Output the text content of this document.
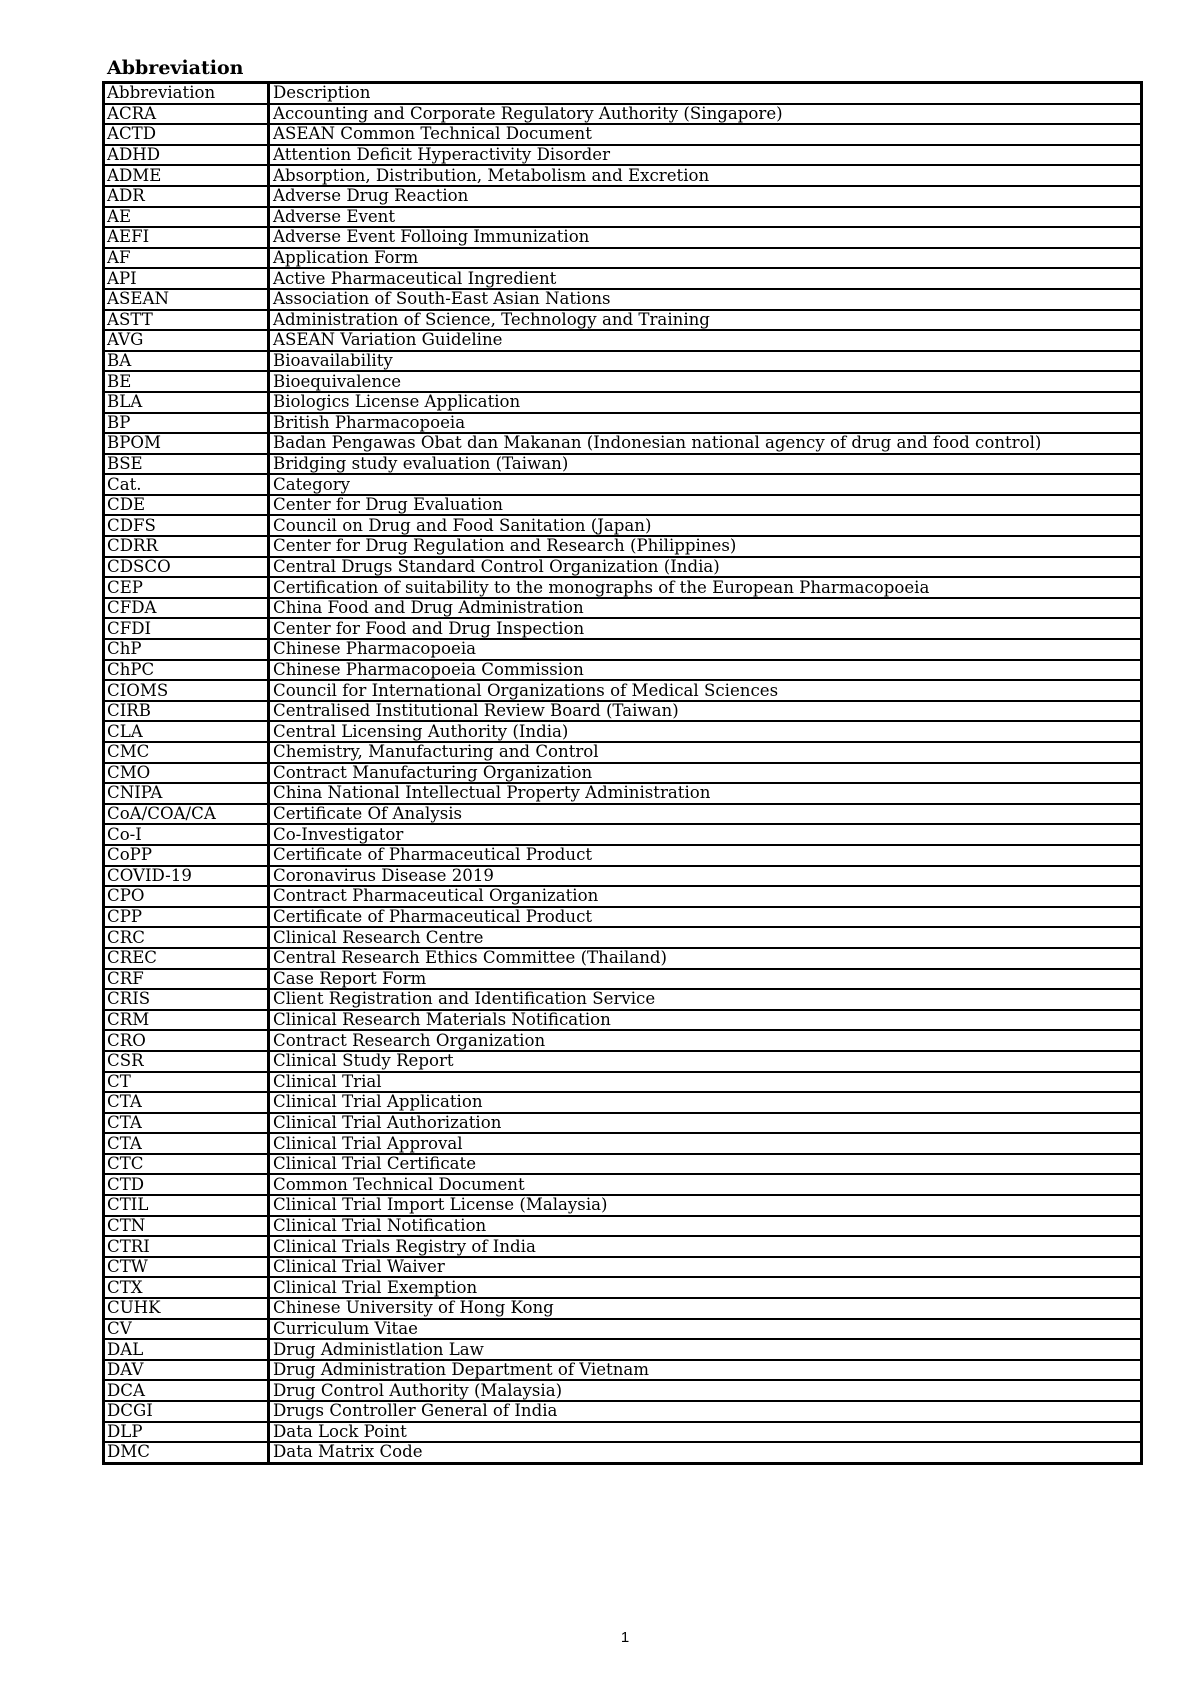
Abbreviation
Abbreviation	Description
ACRA	Accounting and Corporate Regulatory Authority (Singapore)
ACTD	ASEAN Common Technical Document
ADHD	Attention Deficit Hyperactivity Disorder
ADME	Absorption, Distribution, Metabolism and Excretion
ADR	Adverse Drug Reaction
AE	Adverse Event
AEFI	Adverse Event Folloing Immunization
AF	Application Form
API	Active Pharmaceutical Ingredient
ASEAN	Association of South-East Asian Nations
ASTT	Administration of Science, Technology and Training
AVG	ASEAN Variation Guideline
BA	Bioavailability
BE	Bioequivalence
BLA	Biologics License Application
BP	British Pharmacopoeia
BPOM	Badan Pengawas Obat dan Makanan (Indonesian national agency of drug and food control)
BSE	Bridging study evaluation (Taiwan)
Cat.	Category
CDE	Center for Drug Evaluation
CDFS	Council on Drug and Food Sanitation (Japan)
CDRR	Center for Drug Regulation and Research (Philippines)
CDSCO	Central Drugs Standard Control Organization (India)
CEP	Certification of suitability to the monographs of the European Pharmacopoeia
CFDA	China Food and Drug Administration
CFDI	Center for Food and Drug Inspection
ChP	Chinese Pharmacopoeia
ChPC	Chinese Pharmacopoeia Commission
CIOMS	Council for International Organizations of Medical Sciences
CIRB	Centralised Institutional Review Board (Taiwan)
CLA	Central Licensing Authority (India)
CMC	Chemistry, Manufacturing and Control
CMO	Contract Manufacturing Organization
CNIPA	China National Intellectual Property Administration
CoA/COA/CA	Certificate Of Analysis
Co-I	Co-Investigator
CoPP	Certificate of Pharmaceutical Product
COVID-19	Coronavirus Disease 2019
CPO	Contract Pharmaceutical Organization
CPP	Certificate of Pharmaceutical Product
CRC	Clinical Research Centre
CREC	Central Research Ethics Committee (Thailand)
CRF	Case Report Form
CRIS	Client Registration and Identification Service
CRM	Clinical Research Materials Notification
CRO	Contract Research Organization
CSR	Clinical Study Report
CT	Clinical Trial
CTA	Clinical Trial Application
CTA	Clinical Trial Authorization
CTA	Clinical Trial Approval
CTC	Clinical Trial Certificate
CTD	Common Technical Document
CTIL	Clinical Trial Import License (Malaysia)
CTN	Clinical Trial Notification
CTRI	Clinical Trials Registry of India
CTW	Clinical Trial Waiver
CTX	Clinical Trial Exemption
CUHK	Chinese University of Hong Kong
CV	Curriculum Vitae
DAL	Drug Administlation Law
DAV	Drug Administration Department of Vietnam
DCA	Drug Control Authority (Malaysia)
DCGI	Drugs Controller General of India
DLP	Data Lock Point
DMC	Data Matrix Code
1
